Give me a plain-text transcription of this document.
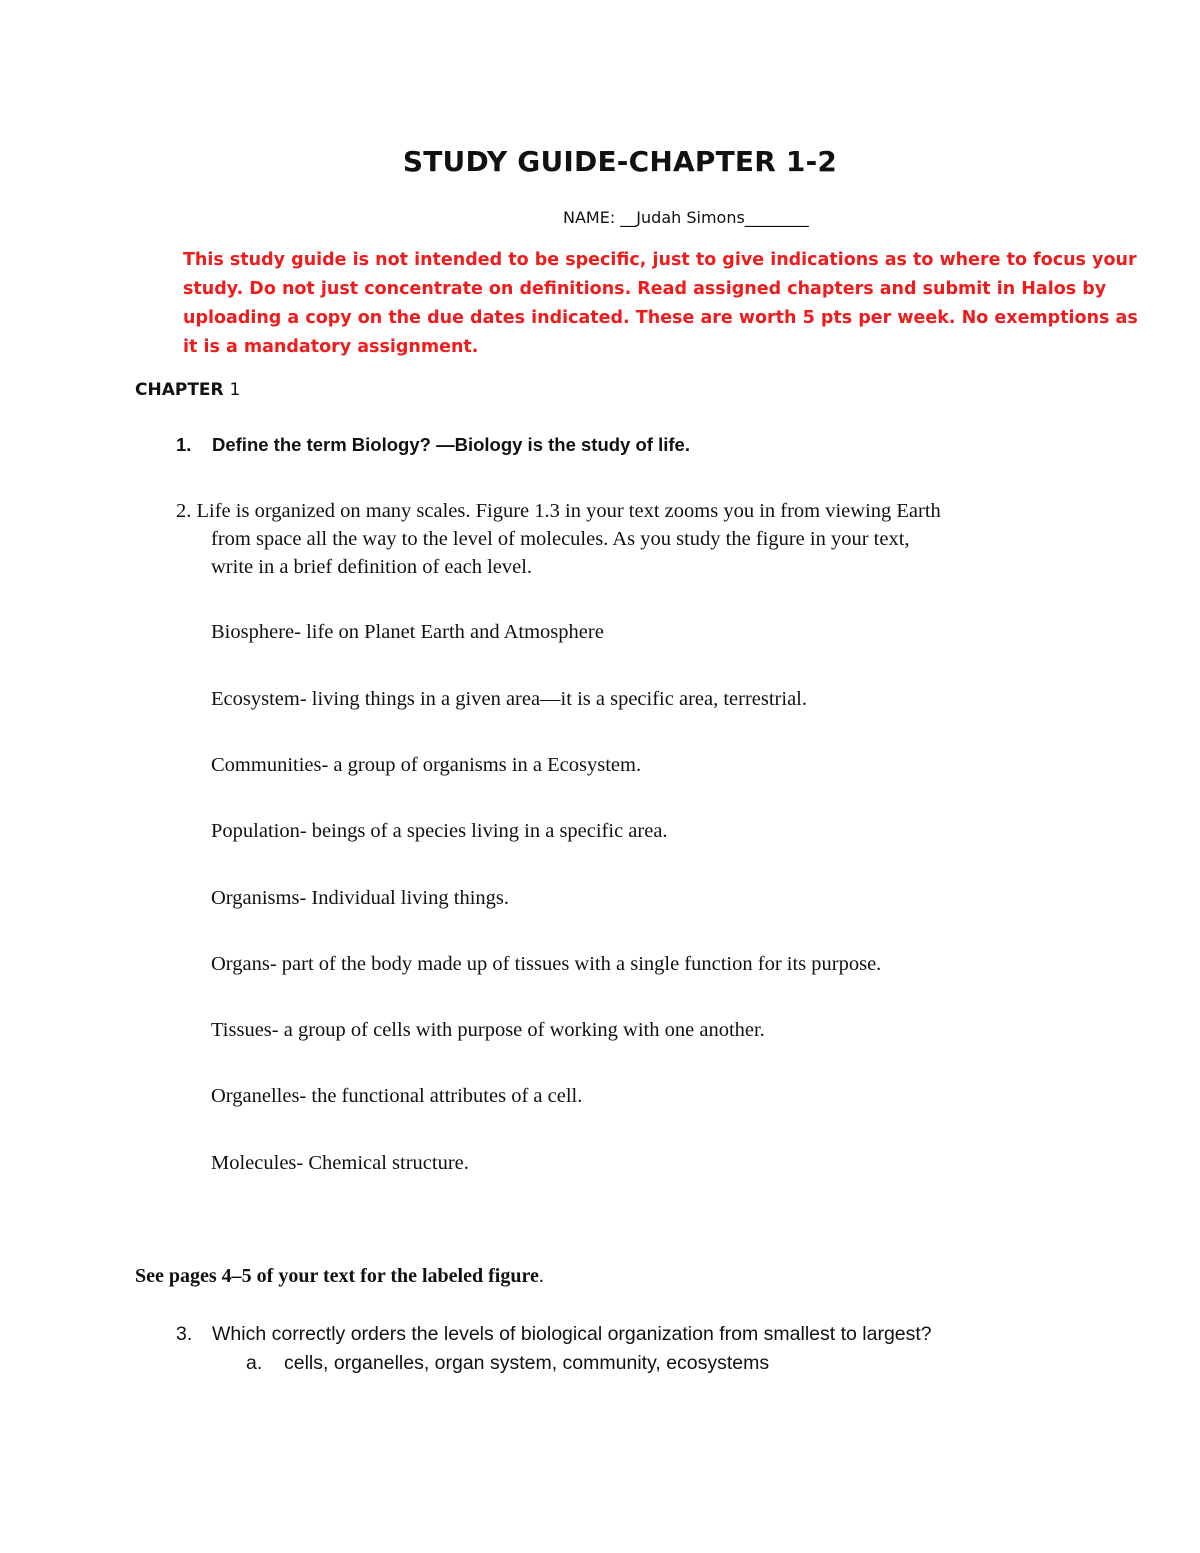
STUDY GUIDE-CHAPTER 1-2
NAME: __Judah Simons________
This study guide is not intended to be specific, just to give indications as to where to focus your
study. Do not just concentrate on definitions. Read assigned chapters and submit in Halos by
uploading a copy on the due dates indicated. These are worth 5 pts per week. No exemptions as
it is a mandatory assignment.
CHAPTER 1
1. Define the term Biology? —Biology is the study of life.
2. Life is organized on many scales. Figure 1.3 in your text zooms you in from viewing Earth
from space all the way to the level of molecules. As you study the figure in your text,
write in a brief definition of each level.
Biosphere- life on Planet Earth and Atmosphere
Ecosystem- living things in a given area—it is a specific area, terrestrial.
Communities- a group of organisms in a Ecosystem.
Population- beings of a species living in a specific area.
Organisms- Individual living things.
Organs- part of the body made up of tissues with a single function for its purpose.
Tissues- a group of cells with purpose of working with one another.
Organelles- the functional attributes of a cell.
Molecules- Chemical structure.
See pages 4–5 of your text for the labeled figure.
3. Which correctly orders the levels of biological organization from smallest to largest?
a. cells, organelles, organ system, community, ecosystems
